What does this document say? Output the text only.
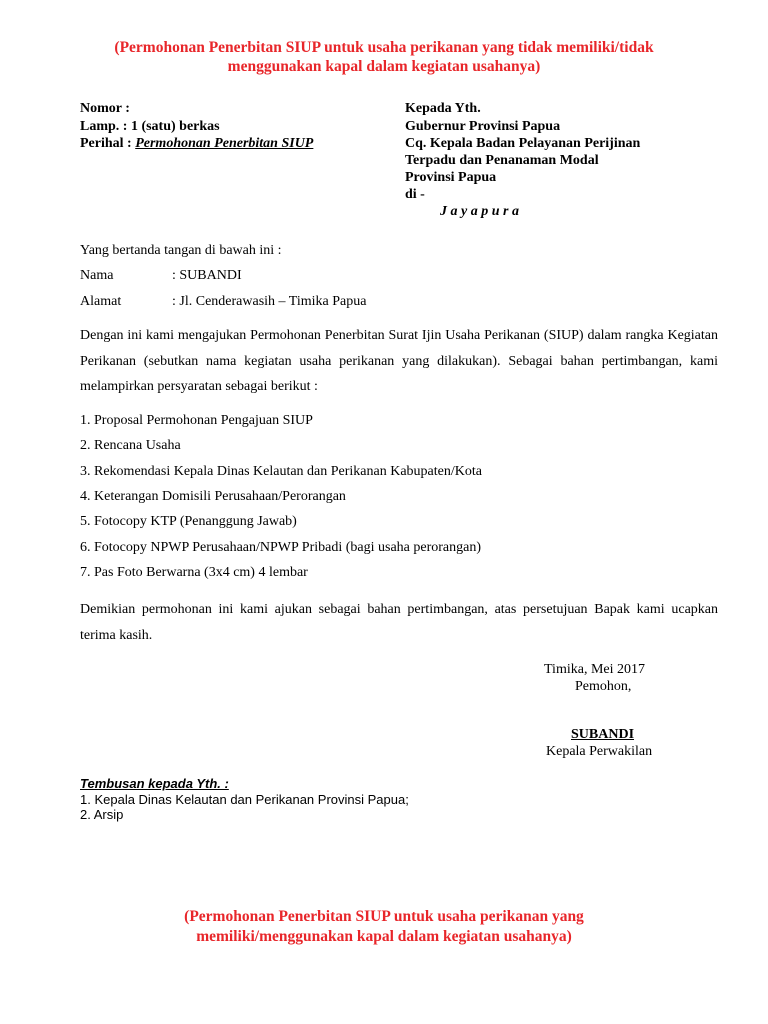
(Permohonan Penerbitan SIUP untuk usaha perikanan yang tidak memiliki/tidak
menggunakan kapal dalam kegiatan usahanya)
Nomor :
Lamp. : 1 (satu) berkas
Perihal : Permohonan Penerbitan SIUP
Kepada Yth.
Gubernur Provinsi Papua
Cq. Kepala Badan Pelayanan Perijinan
Terpadu dan Penanaman Modal
Provinsi Papua
di -
Jayapura
Yang bertanda tangan di bawah ini :
Nama	: SUBANDI
Alamat	: Jl. Cenderawasih – Timika Papua
Dengan ini kami mengajukan Permohonan Penerbitan Surat Ijin Usaha Perikanan (SIUP) dalam rangka Kegiatan Perikanan (sebutkan nama kegiatan usaha perikanan yang dilakukan). Sebagai bahan pertimbangan, kami melampirkan persyaratan sebagai berikut :
1. Proposal Permohonan Pengajuan SIUP
2. Rencana Usaha
3. Rekomendasi Kepala Dinas Kelautan dan Perikanan Kabupaten/Kota
4. Keterangan Domisili Perusahaan/Perorangan
5. Fotocopy KTP (Penanggung Jawab)
6. Fotocopy NPWP Perusahaan/NPWP Pribadi (bagi usaha perorangan)
7. Pas Foto Berwarna (3x4 cm) 4 lembar
Demikian permohonan ini kami ajukan sebagai bahan pertimbangan, atas persetujuan Bapak kami ucapkan terima kasih.
Timika, Mei 2017
Pemohon,
SUBANDI
Kepala Perwakilan
Tembusan kepada Yth. :
1. Kepala Dinas Kelautan dan Perikanan Provinsi Papua;
2. Arsip
(Permohonan Penerbitan SIUP untuk usaha perikanan yang
memiliki/menggunakan kapal dalam kegiatan usahanya)
